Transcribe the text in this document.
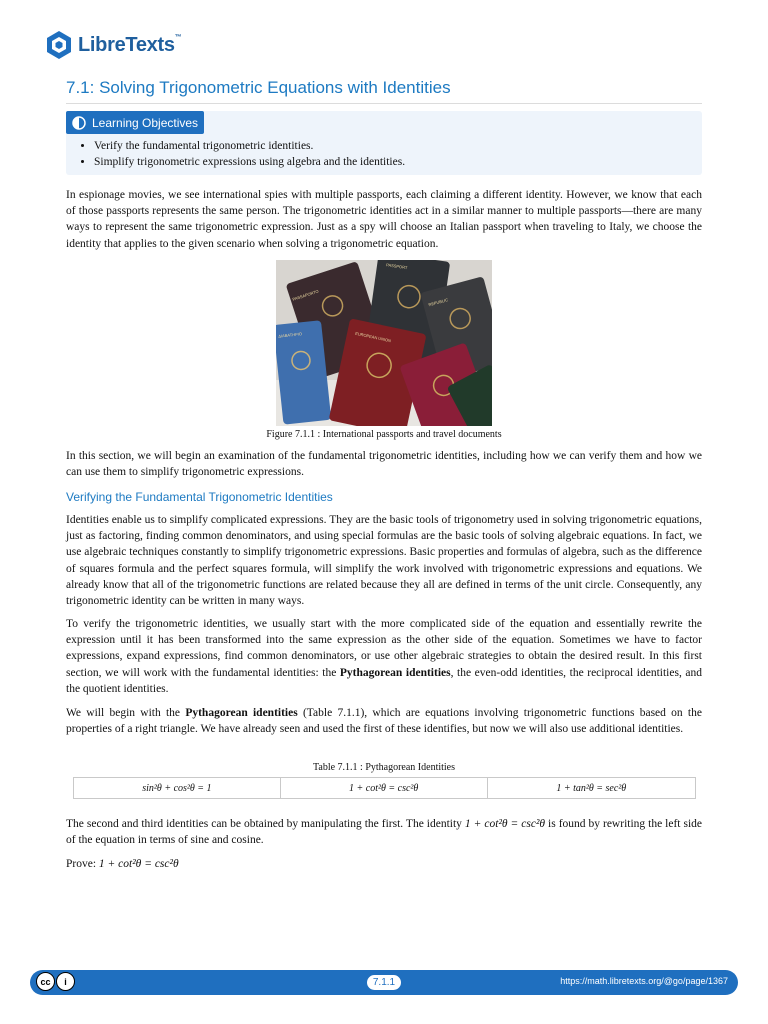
LibreTexts™
7.1: Solving Trigonometric Equations with Identities
Learning Objectives
• Verify the fundamental trigonometric identities.
• Simplify trigonometric expressions using algebra and the identities.

In espionage movies, we see international spies with multiple passports, each claiming a different identity. However, we know that each of those passports represents the same person. The trigonometric identities act in a similar manner to multiple passports—there are many ways to represent the same trigonometric expression. Just as a spy will choose an Italian passport when traveling to Italy, we choose the identity that applies to the given scenario when solving a trigonometric equation.

PASSAPORTO
PASSPORT
REPUBLIC
EUROPEAN UNION
ΔΙΑΒΑΤΗΡΙΟ
Figure 7.1.1 : International passports and travel documents

In this section, we will begin an examination of the fundamental trigonometric identities, including how we can verify them and how we can use them to simplify trigonometric expressions.

Verifying the Fundamental Trigonometric Identities

Identities enable us to simplify complicated expressions. They are the basic tools of trigonometry used in solving trigonometric equations, just as factoring, finding common denominators, and using special formulas are the basic tools of solving algebraic equations. In fact, we use algebraic techniques constantly to simplify trigonometric expressions. Basic properties and formulas of algebra, such as the difference of squares formula and the perfect squares formula, will simplify the work involved with trigonometric expressions and equations. We already know that all of the trigonometric functions are related because they all are defined in terms of the unit circle. Consequently, any trigonometric identity can be written in many ways.

To verify the trigonometric identities, we usually start with the more complicated side of the equation and essentially rewrite the expression until it has been transformed into the same expression as the other side of the equation. Sometimes we have to factor expressions, expand expressions, find common denominators, or use other algebraic strategies to obtain the desired result. In this first section, we will work with the fundamental identities: the Pythagorean identities, the even-odd identities, the reciprocal identities, and the quotient identities.

We will begin with the Pythagorean identities (Table 7.1.1), which are equations involving trigonometric functions based on the properties of a right triangle. We have already seen and used the first of these identifies, but now we will also use additional identities.

Table 7.1.1 : Pythagorean Identities
sin²θ + cos²θ = 1	1 + cot²θ = csc²θ	1 + tan²θ = sec²θ

The second and third identities can be obtained by manipulating the first. The identity 1 + cot²θ = csc²θ is found by rewriting the left side of the equation in terms of sine and cosine.

Prove: 1 + cot²θ = csc²θ

cc	i	7.1.1	https://math.libretexts.org/@go/page/1367
